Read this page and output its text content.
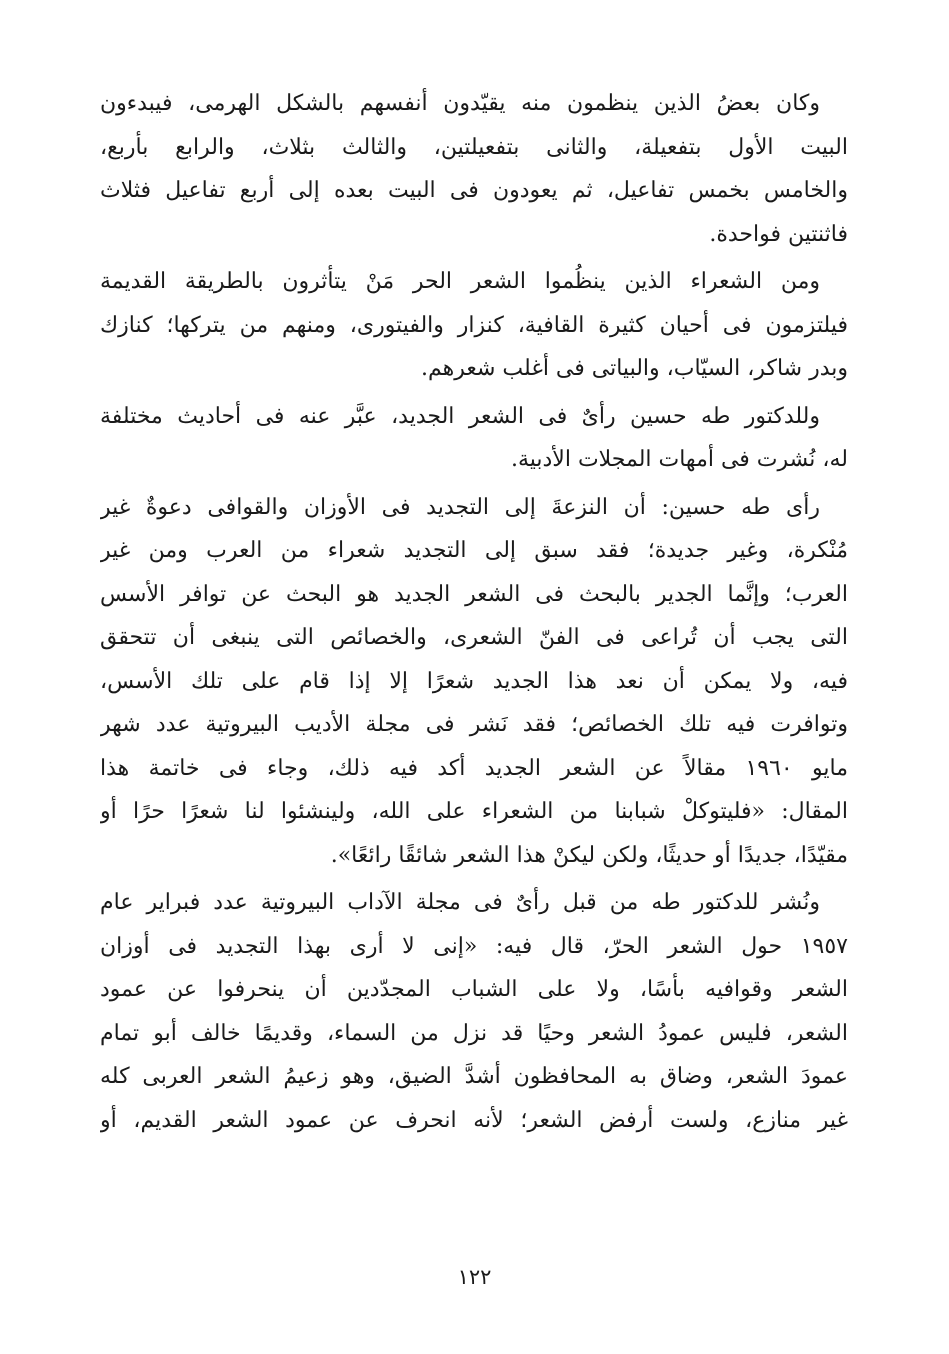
وكان بعضُ الذين ينظمون منه يقيّدون أنفسهم بالشكل الهرمى، فيبدءون
البيت الأول بتفعيلة، والثانى بتفعيلتين، والثالث بثلاث، والرابع بأربع،
والخامس بخمس تفاعيل، ثم يعودون فى البيت بعده إلى أربع تفاعيل فثلاث
فاثنتين فواحدة.
ومن الشعراء الذين ينظُموا الشعر الحر مَنْ يتأثرون بالطريقة القديمة
فيلتزمون فى أحيان كثيرة القافية، كنزار والفيتورى، ومنهم من يتركها؛ كنازك
وبدر شاكر، السيّاب، والبياتى فى أغلب شعرهم.
وللدكتور طه حسين رأىٌ فى الشعر الجديد، عبَّر عنه فى أحاديث مختلفة
له، نُشرت فى أمهات المجلات الأدبية.
رأى طه حسين: أن النزعةَ إلى التجديد فى الأوزان والقوافى دعوةٌ غير
مُنْكرة، وغير جديدة؛ فقد سبق إلى التجديد شعراء من العرب ومن غير
العرب؛ وإنَّما الجدير بالبحث فى الشعر الجديد هو البحث عن توافر الأسس
التى يجب أن تُراعى فى الفنّ الشعرى، والخصائص التى ينبغى أن تتحقق
فيه، ولا يمكن أن نعد هذا الجديد شعرًا إلا إذا قام على تلك الأسس،
وتوافرت فيه تلك الخصائص؛ فقد نَشر فى مجلة الأديب البيروتية عدد شهر
مايو ١٩٦٠ مقالاً عن الشعر الجديد أكد فيه ذلك، وجاء فى خاتمة هذا
المقال: «فليتوكلْ شبابنا من الشعراء على الله، ولينشئوا لنا شعرًا حرًا أو
مقيّدًا، جديدًا أو حديثًا، ولكن ليكنْ هذا الشعر شائقًا رائعًا».
ونُشر للدكتور طه من قبل رأىٌ فى مجلة الآداب البيروتية عدد فبراير عام
١٩٥٧ حول الشعر الحرّ، قال فيه: «إنى لا أرى بهذا التجديد فى أوزان
الشعر وقوافيه بأسًا، ولا على الشباب المجدّدين أن ينحرفوا عن عمود
الشعر، فليس عمودُ الشعر وحيًا قد نزل من السماء، وقديمًا خالف أبو تمام
عمودَ الشعر، وضاق به المحافظون أشدَّ الضيق، وهو زعيمُ الشعر العربى كله
غير منازع، ولست أرفض الشعر؛ لأنه انحرف عن عمود الشعر القديم، أو
١٢٢
